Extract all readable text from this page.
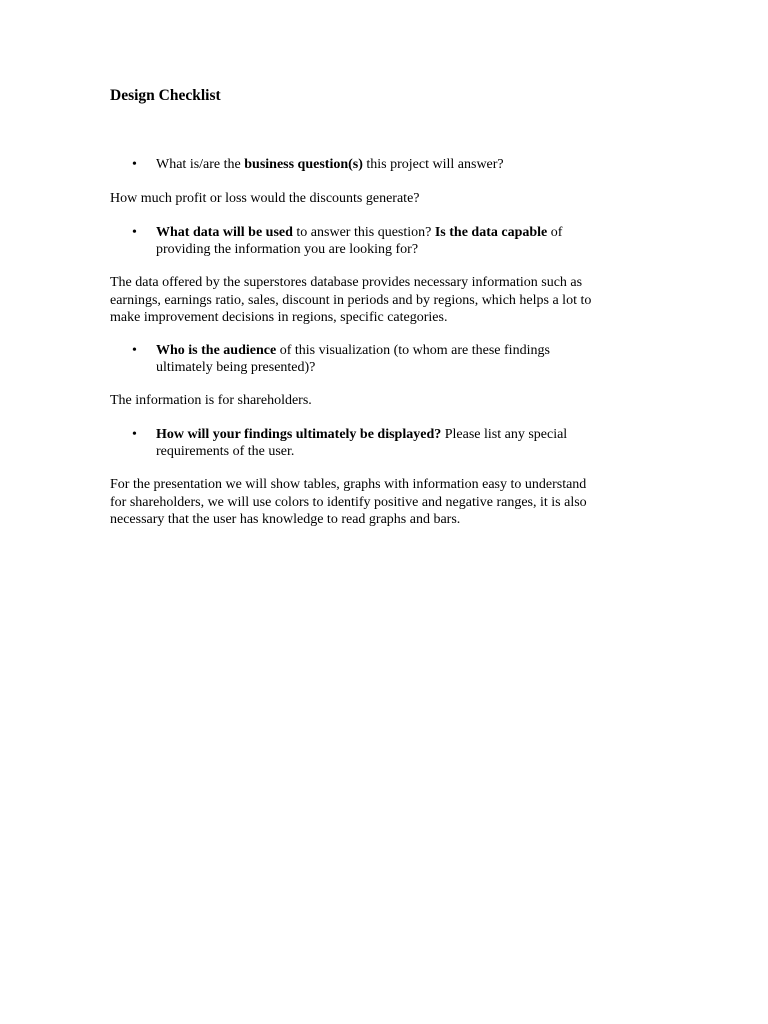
Design Checklist
• What is/are the business question(s) this project will answer?

How much profit or loss would the discounts generate?

• What data will be used to answer this question? Is the data capable of
providing the information you are looking for?
The data offered by the superstores database provides necessary information such as
earnings, earnings ratio, sales, discount in periods and by regions, which helps a lot to
make improvement decisions in regions, specific categories.
• Who is the audience of this visualization (to whom are these findings
ultimately being presented)?

The information is for shareholders.

• How will your findings ultimately be displayed? Please list any special
requirements of the user.
For the presentation we will show tables, graphs with information easy to understand
for shareholders, we will use colors to identify positive and negative ranges, it is also
necessary that the user has knowledge to read graphs and bars.
